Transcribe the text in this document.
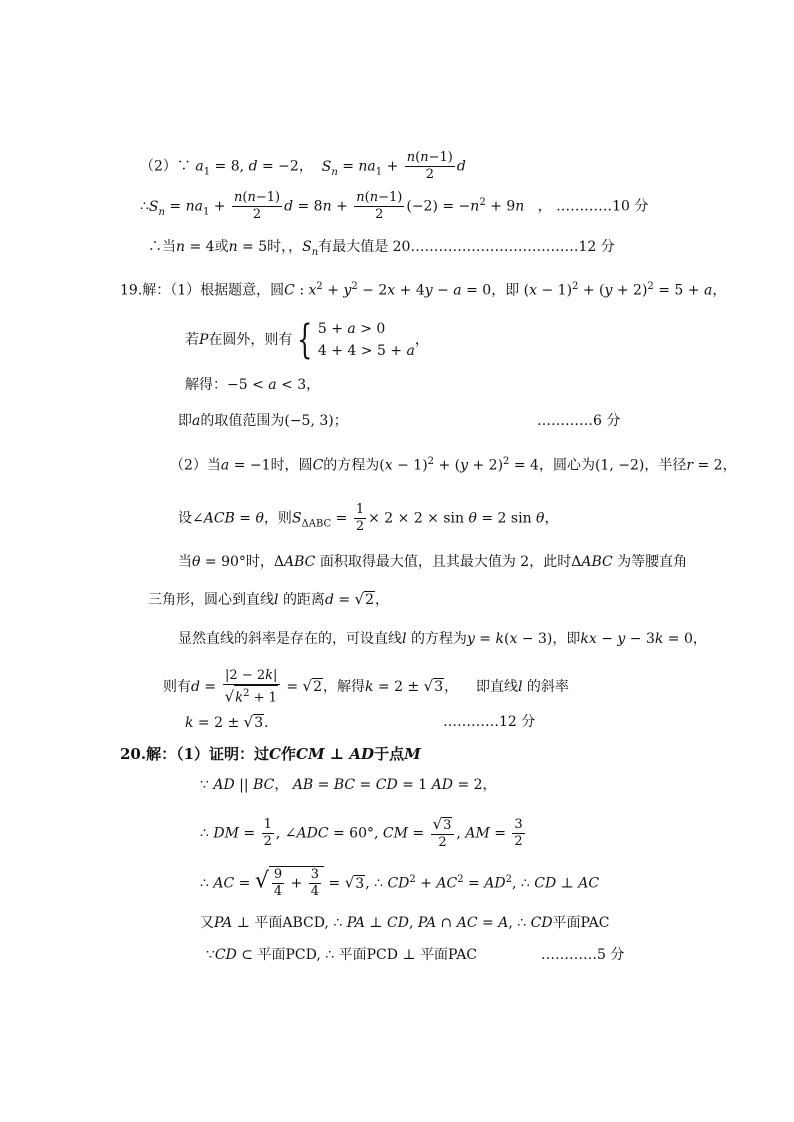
（2）∵ $a_1 = 8$, d = −2， $S_n = na_1 + \frac{n(n-1)}{2}$ d
$\therefore S_n = na_1 + \frac{n(n-1)}{2}$ $d = 8n + \frac{n(n-1)}{2} (-2) = -n^2 + 9n$   ， …………10 分
∴当n = 4或n = 5时，，$S_n$有最大值是 20………………………………12 分
19.解：（1）根据题意，圆C : $x^2 + y^2 - 2x + 4y - a = 0$，即 $(x - 1)^2 + (y + 2)^2 = 5 + a$，
若P在圆外，则有 { 5 + a > 0
4 + 4 > 5 + a
，
解得：−5 < a < 3，
即a的取值范围为(−5, 3)；	…………6 分
（2）当a = −1时，圆C的方程为$(x - 1)^2 + (y + 2)^2 = 4$，圆心为(1, −2)，半径r = 2，
设∠ACB = θ，则$S_{\Delta ABC} = \frac{1}{2} \times 2 \times 2 \times \sin \theta = 2$ sin θ，
当θ = 90°时，ΔABC 面积取得最大值，且其最大值为 2，此时ΔABC 为等腰直角
三角形，圆心到直线l 的距离d = √2，
显然直线的斜率是存在的，可设直线l 的方程为y = k(x − 3)，即kx − y − 3k = 0，
则有$d = \frac{|2 - 2k|}{√k^2 + 1} = √2$，解得k = 2 ± √3，    即直线l 的斜率
k = 2 ± √3．	…………12 分
20.解：（1）证明：过C作CM ⊥ AD于点M
∵ AD || BC， AB = BC = CD = 1 AD = 2，
∴ DM = $\frac{1}{2}$ , ∠ADC = 60°, CM = $\frac{√3}{2}$ , AM = $\frac{3}{2}$
∴ AC = √ $\frac{9}{4} + \frac{3}{4} = √3$, ∴ $CD^2 + AC^2 = AD^2$, ∴ CD ⊥ AC
又PA ⊥ 平面ABCD, ∴ PA ⊥ CD, PA ∩ AC = A, ∴ CD平面PAC
∵CD ⊂ 平面PCD, ∴ 平面PCD ⊥ 平面PAC	…………5 分
